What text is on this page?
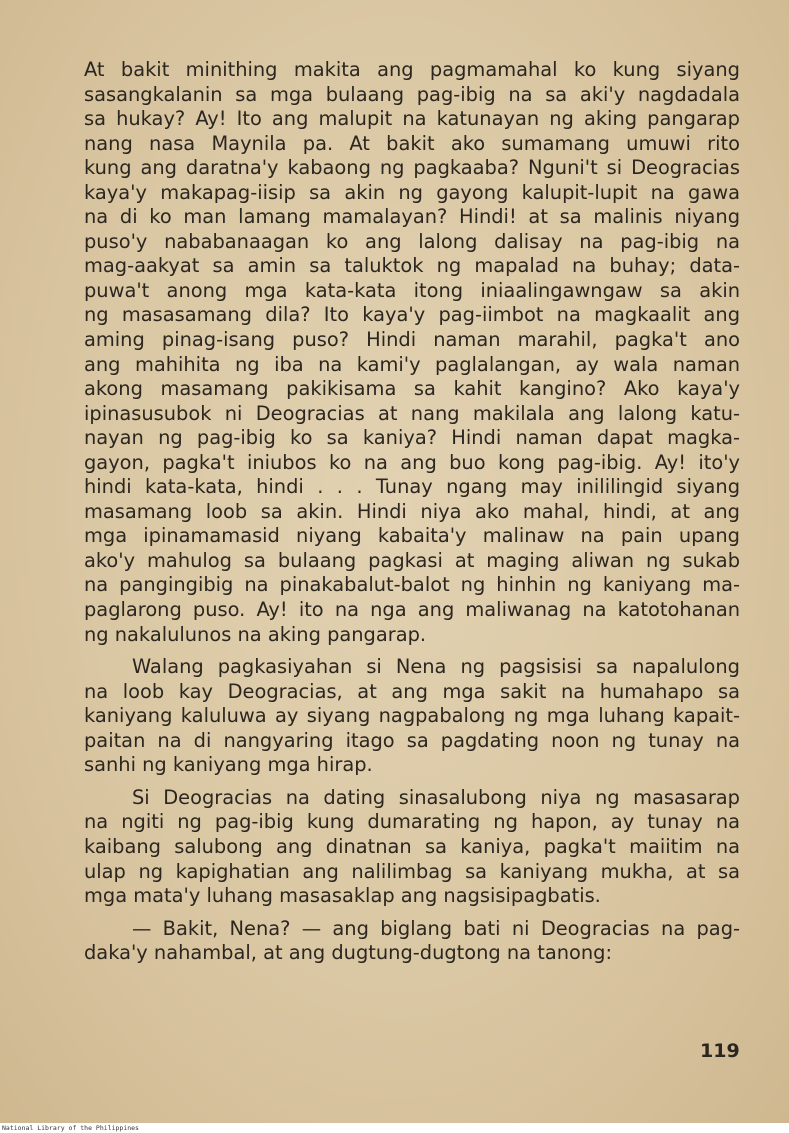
At bakit minithing makita ang pagmamahal ko kung siyang
sasangkalanin sa mga bulaang pag-ibig na sa aki'y nagdadala
sa hukay? Ay! Ito ang malupit na katunayan ng aking pangarap
nang nasa Maynila pa. At bakit ako sumamang umuwi rito
kung ang daratna'y kabaong ng pagkaaba? Nguni't si Deogracias
kaya'y makapag-iisip sa akin ng gayong kalupit-lupit na gawa
na di ko man lamang mamalayan? Hindi! at sa malinis niyang
puso'y nababanaagan ko ang lalong dalisay na pag-ibig na
mag-aakyat sa amin sa taluktok ng mapalad na buhay; data-
puwa't anong mga kata-kata itong iniaalingawngaw sa akin
ng masasamang dila? Ito kaya'y pag-iimbot na magkaalit ang
aming pinag-isang puso? Hindi naman marahil, pagka't ano
ang mahihita ng iba na kami'y paglalangan, ay wala naman
akong masamang pakikisama sa kahit kangino? Ako kaya'y
ipinasusubok ni Deogracias at nang makilala ang lalong katu-
nayan ng pag-ibig ko sa kaniya? Hindi naman dapat magka-
gayon, pagka't iniubos ko na ang buo kong pag-ibig. Ay! ito'y
hindi kata-kata, hindi . . . Tunay ngang may inililingid siyang
masamang loob sa akin. Hindi niya ako mahal, hindi, at ang
mga ipinamamasid niyang kabaita'y malinaw na pain upang
ako'y mahulog sa bulaang pagkasi at maging aliwan ng sukab
na pangingibig na pinakabalut-balot ng hinhin ng kaniyang ma-
paglarong puso. Ay! ito na nga ang maliwanag na katotohanan
ng nakalulunos na aking pangarap.
Walang pagkasiyahan si Nena ng pagsisisi sa napalulong
na loob kay Deogracias, at ang mga sakit na humahapo sa
kaniyang kaluluwa ay siyang nagpabalong ng mga luhang kapait-
paitan na di nangyaring itago sa pagdating noon ng tunay na
sanhi ng kaniyang mga hirap.
Si Deogracias na dating sinasalubong niya ng masasarap
na ngiti ng pag-ibig kung dumarating ng hapon, ay tunay na
kaibang salubong ang dinatnan sa kaniya, pagka't maiitim na
ulap ng kapighatian ang nalilimbag sa kaniyang mukha, at sa
mga mata'y luhang masasaklap ang nagsisipagbatis.
— Bakit, Nena? — ang biglang bati ni Deogracias na pag-
daka'y nahambal, at ang dugtung-dugtong na tanong:
119
National Library of the Philippines
